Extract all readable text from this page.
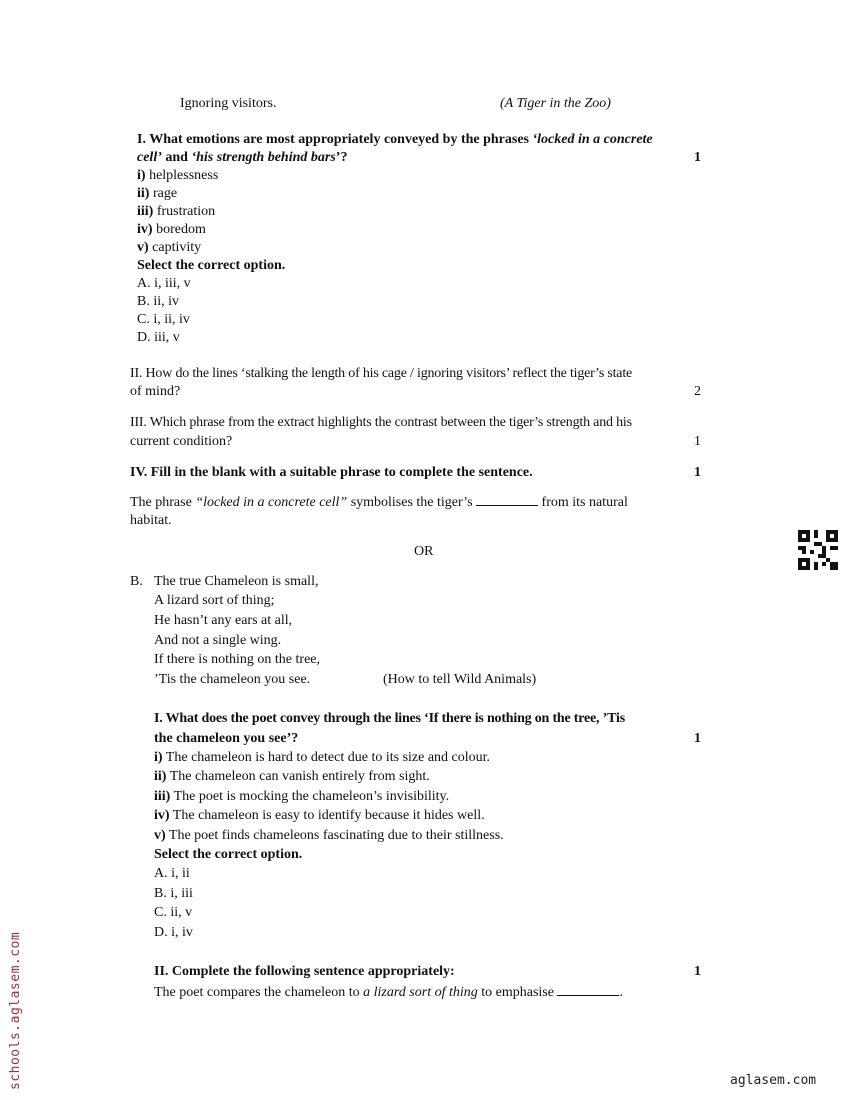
Ignoring visitors.	(A Tiger in the Zoo)
I. What emotions are most appropriately conveyed by the phrases ‘locked in a concrete
cell’ and ‘his strength behind bars’?	1
i) helplessness
ii) rage
iii) frustration
iv) boredom
v) captivity
Select the correct option.
A. i, iii, v
B. ii, iv
C. i, ii, iv
D. iii, v
II. How do the lines ‘stalking the length of his cage / ignoring visitors’ reflect the tiger’s state
of mind?	2
III. Which phrase from the extract highlights the contrast between the tiger’s strength and his
current condition?	1
IV. Fill in the blank with a suitable phrase to complete the sentence.	1
The phrase “locked in a concrete cell” symbolises the tiger’s	from its natural
habitat.
OR
B. The true Chameleon is small,
A lizard sort of thing;
He hasn’t any ears at all,
And not a single wing.
If there is nothing on the tree,
’Tis the chameleon you see.	(How to tell Wild Animals)
I. What does the poet convey through the lines ‘If there is nothing on the tree, ’Tis
the chameleon you see’?	1
i) The chameleon is hard to detect due to its size and colour.
ii) The chameleon can vanish entirely from sight.
iii) The poet is mocking the chameleon’s invisibility.
iv) The chameleon is easy to identify because it hides well.
v) The poet finds chameleons fascinating due to their stillness.
Select the correct option.
A. i, ii
B. i, iii
C. ii, v
D. i, iv
II. Complete the following sentence appropriately:	1
The poet compares the chameleon to a lizard sort of thing to emphasise	.
schools.aglasem.com	aglasem.com
